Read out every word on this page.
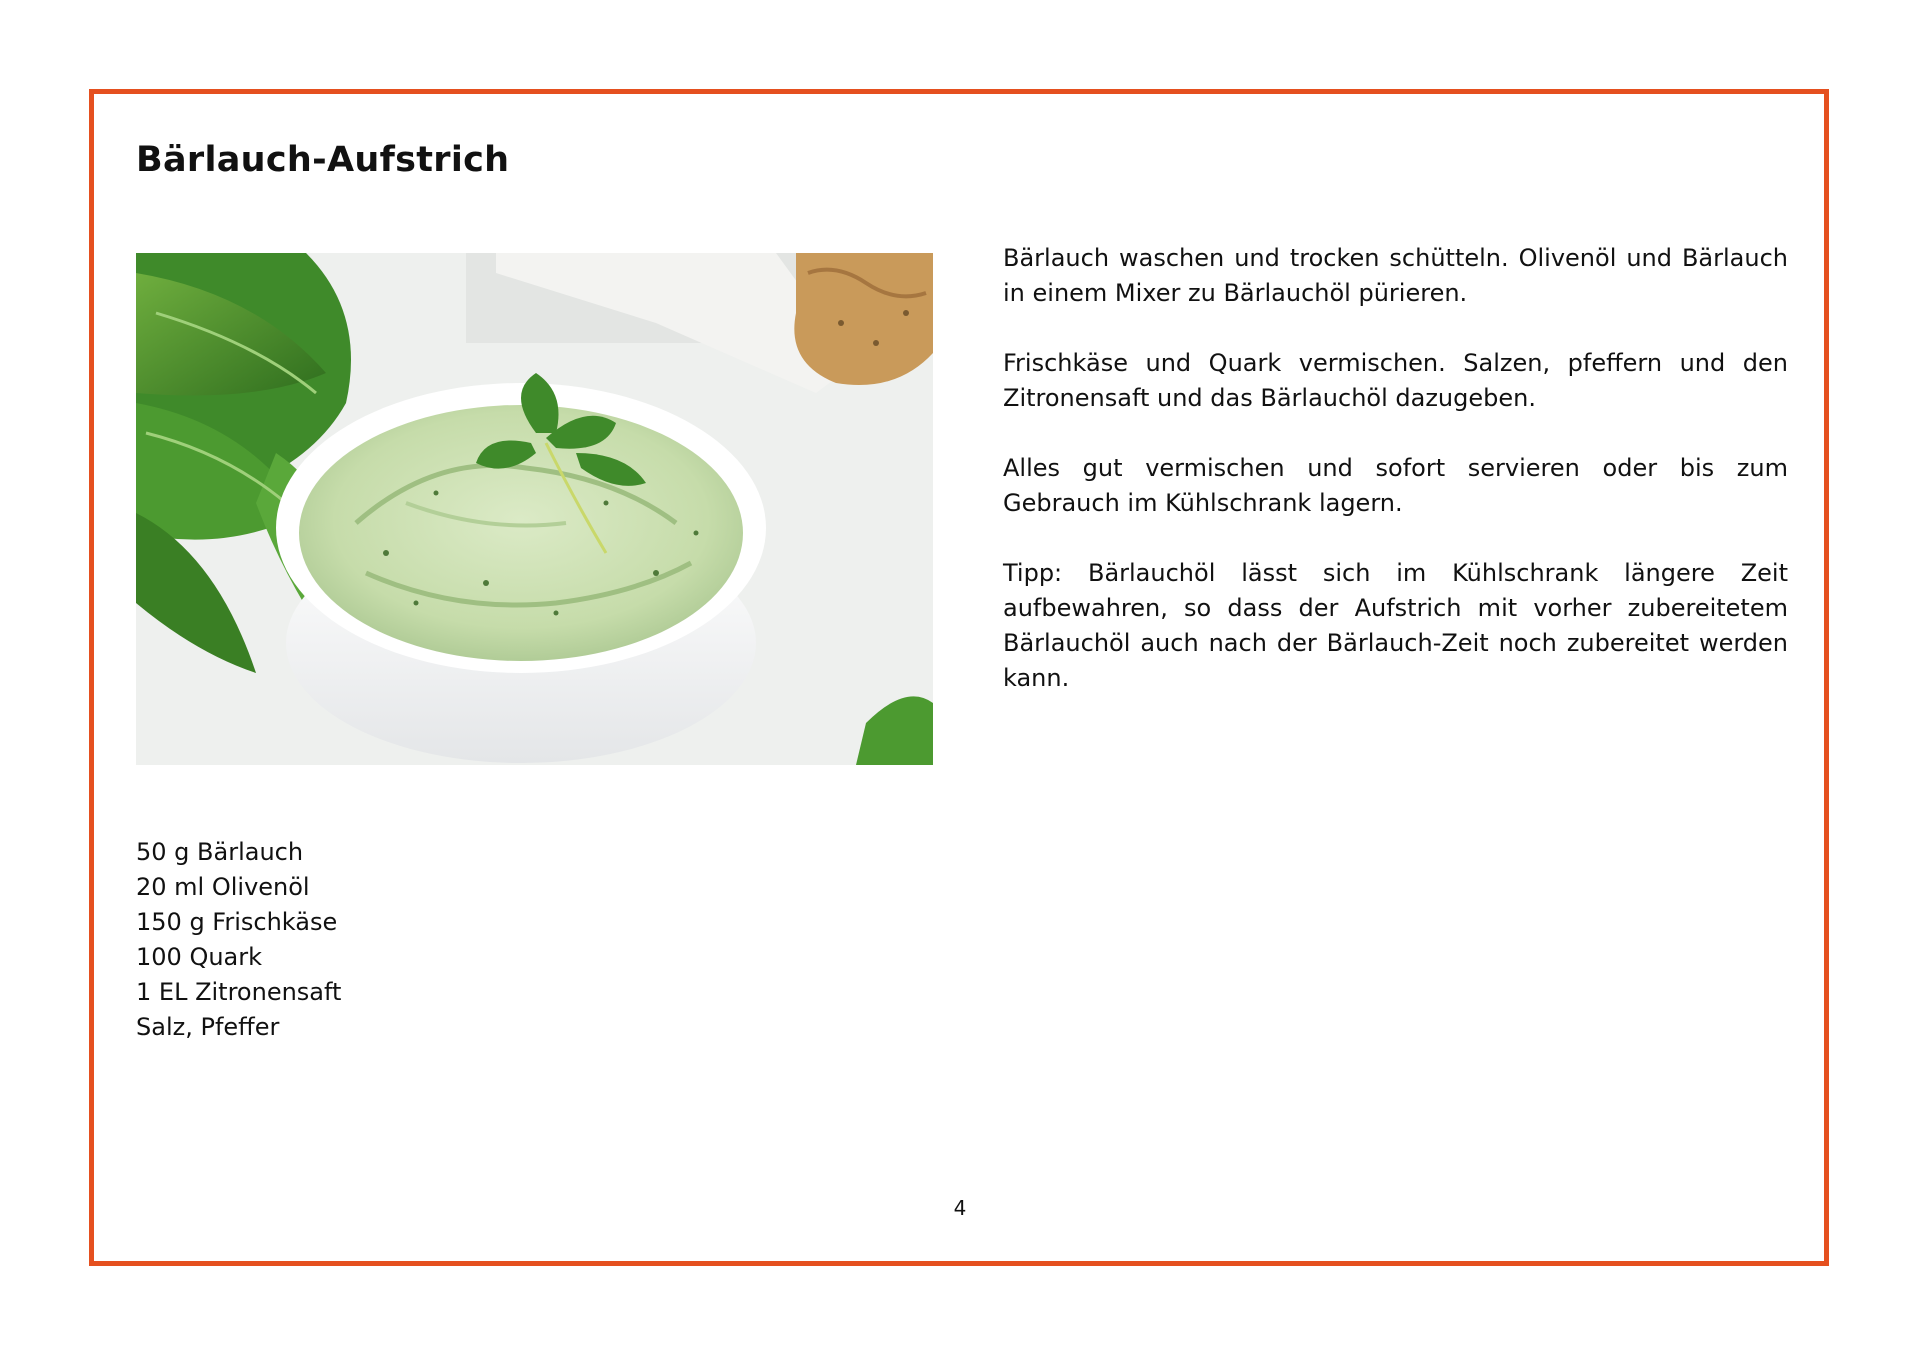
Bärlauch-Aufstrich

Bärlauch waschen und trocken schütteln. Olivenöl und Bärlauch in einem Mixer zu Bärlauchöl pürieren.

Frischkäse und Quark vermischen. Salzen, pfeffern und den Zitronensaft und das Bärlauchöl dazugeben.

Alles gut vermischen und sofort servieren oder bis zum Gebrauch im Kühlschrank lagern.

Tipp: Bärlauchöl lässt sich im Kühlschrank längere Zeit aufbewahren, so dass der Aufstrich mit vorher zubereitetem Bärlauchöl auch nach der Bärlauch-Zeit noch zubereitet werden kann.

50 g Bärlauch
20 ml Olivenöl
150 g Frischkäse
100 Quark
1 EL Zitronensaft
Salz, Pfeffer

4
